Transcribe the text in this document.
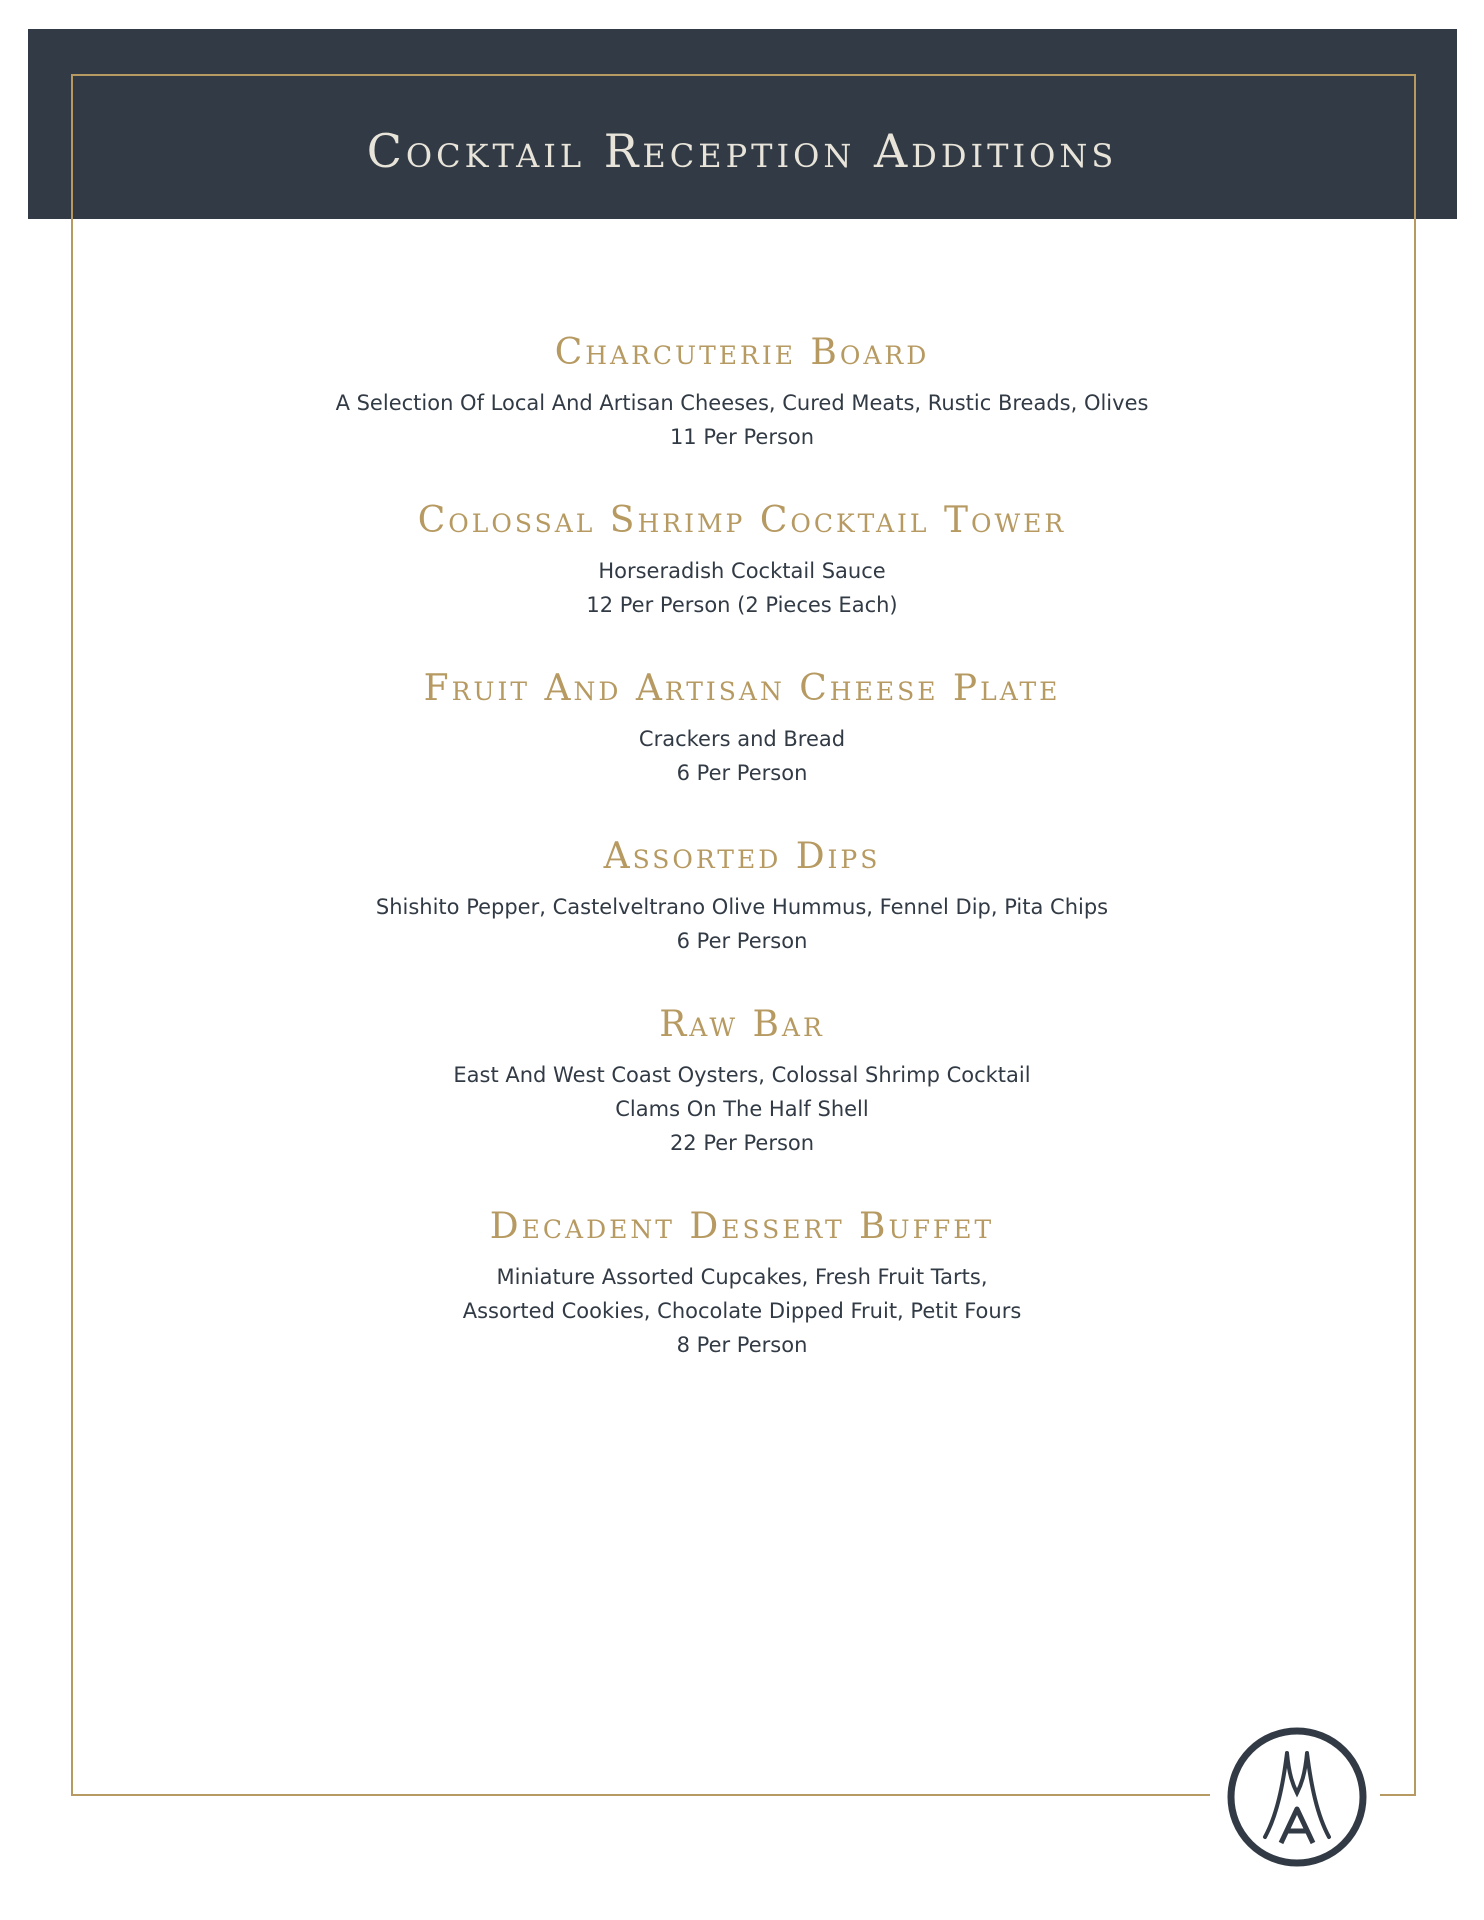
Cocktail Reception Additions
Charcuterie Board

A Selection Of Local And Artisan Cheeses, Cured Meats, Rustic Breads, Olives

11 Per Person

Colossal Shrimp Cocktail Tower

Horseradish Cocktail Sauce

12 Per Person (2 Pieces Each)

Fruit And Artisan Cheese Plate

Crackers and Bread

6 Per Person

Assorted Dips

Shishito Pepper, Castelveltrano Olive Hummus, Fennel Dip, Pita Chips

6 Per Person

Raw Bar

East And West Coast Oysters, Colossal Shrimp Cocktail

Clams On The Half Shell

22 Per Person

Decadent Dessert Buffet

Miniature Assorted Cupcakes, Fresh Fruit Tarts,

Assorted Cookies, Chocolate Dipped Fruit, Petit Fours

8 Per Person
